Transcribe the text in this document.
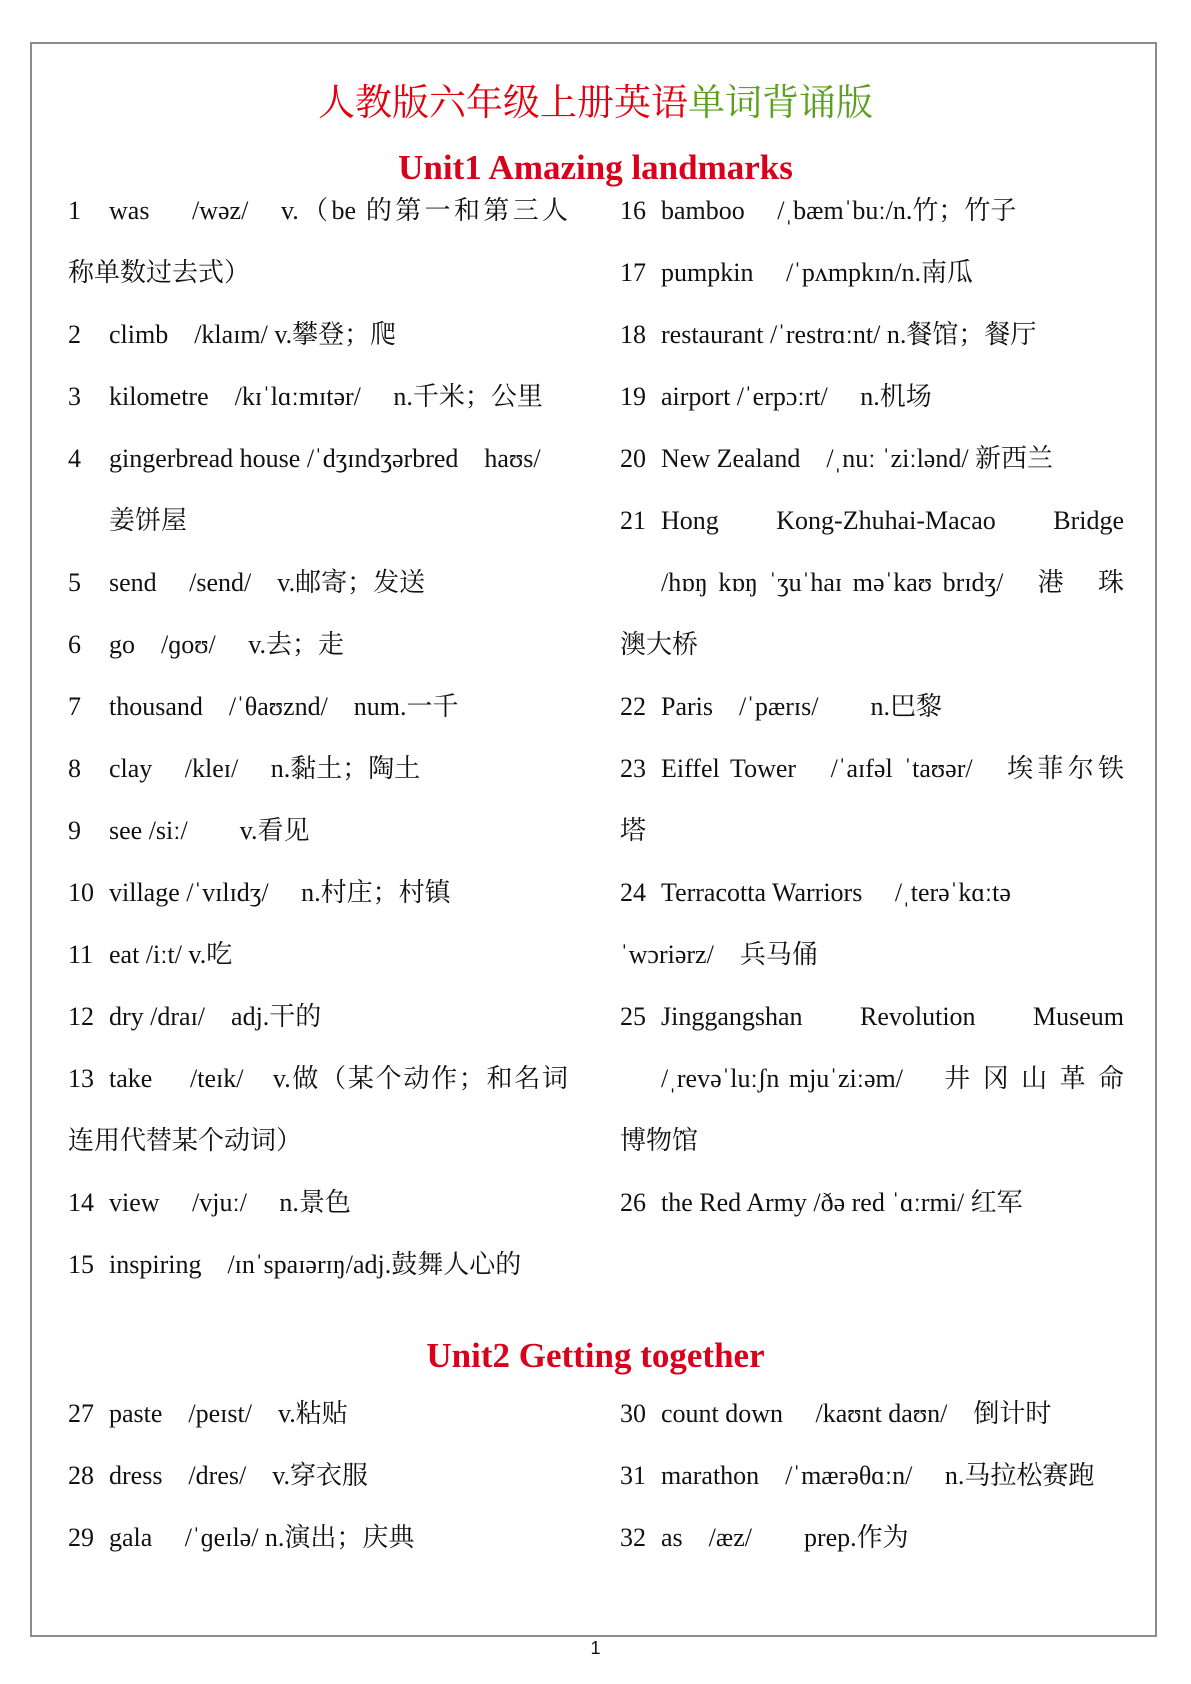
人教版六年级上册英语单词背诵版
Unit1 Amazing landmarks
1 was　 /wəz/　v.（be 的第一和第三人
称单数过去式）
2 climb　/klaɪm/ v.攀登；爬
3 kilometre　/kɪˈlɑːmɪtər/　 n.千米；公里
4 gingerbread house /ˈdʒɪndʒərbred　haʊs/
姜饼屋
5 send　 /send/　v.邮寄；发送
6 go　/ɡoʊ/　 v.去；走
7 thousand　/ˈθaʊznd/　num.一千
8 clay　 /kleɪ/　 n.黏土；陶土
9 see /siː/　　v.看见
10 village /ˈvɪlɪdʒ/　 n.村庄；村镇
11 eat /iːt/ v.吃
12 dry /draɪ/　adj.干的
13 take　 /teɪk/　v.做（某个动作；和名词
连用代替某个动词）
14 view　 /vjuː/　 n.景色
15 inspiring　/ɪnˈspaɪərɪŋ/adj.鼓舞人心的
16 bamboo　 /ˌbæmˈbuː/n.竹；竹子
17 pumpkin　 /ˈpʌmpkɪn/n.南瓜
18 restaurant /ˈrestrɑːnt/ n.餐馆；餐厅
19 airport /ˈerpɔːrt/　 n.机场
20 New Zealand　/ˌnuː ˈziːlənd/ 新西兰
21 Hong　Kong-Zhuhai-Macao　Bridge
/hɒŋ kɒŋ ˈʒuˈhaɪ məˈkaʊ brɪdʒ/　港　珠
澳大桥
22 Paris　/ˈpærɪs/　　n.巴黎
23 Eiffel Tower　/ˈaɪfəl ˈtaʊər/　埃菲尔铁
塔
24 Terracotta Warriors　 /ˌterəˈkɑːtə
ˈwɔriərz/　兵马俑
25 Jinggangshan　Revolution　Museum
/ˌrevəˈluːʃn mjuˈziːəm/　 井 冈 山 革 命
博物馆
26 the Red Army /ðə red ˈɑːrmi/ 红军
Unit2 Getting together
27 paste　/peɪst/　v.粘贴
28 dress　/dres/　v.穿衣服
29 gala　 /ˈɡeɪlə/ n.演出；庆典
30 count down　 /kaʊnt daʊn/　倒计时
31 marathon　/ˈmærəθɑːn/　 n.马拉松赛跑
32 as　/æz/　　prep.作为
1
